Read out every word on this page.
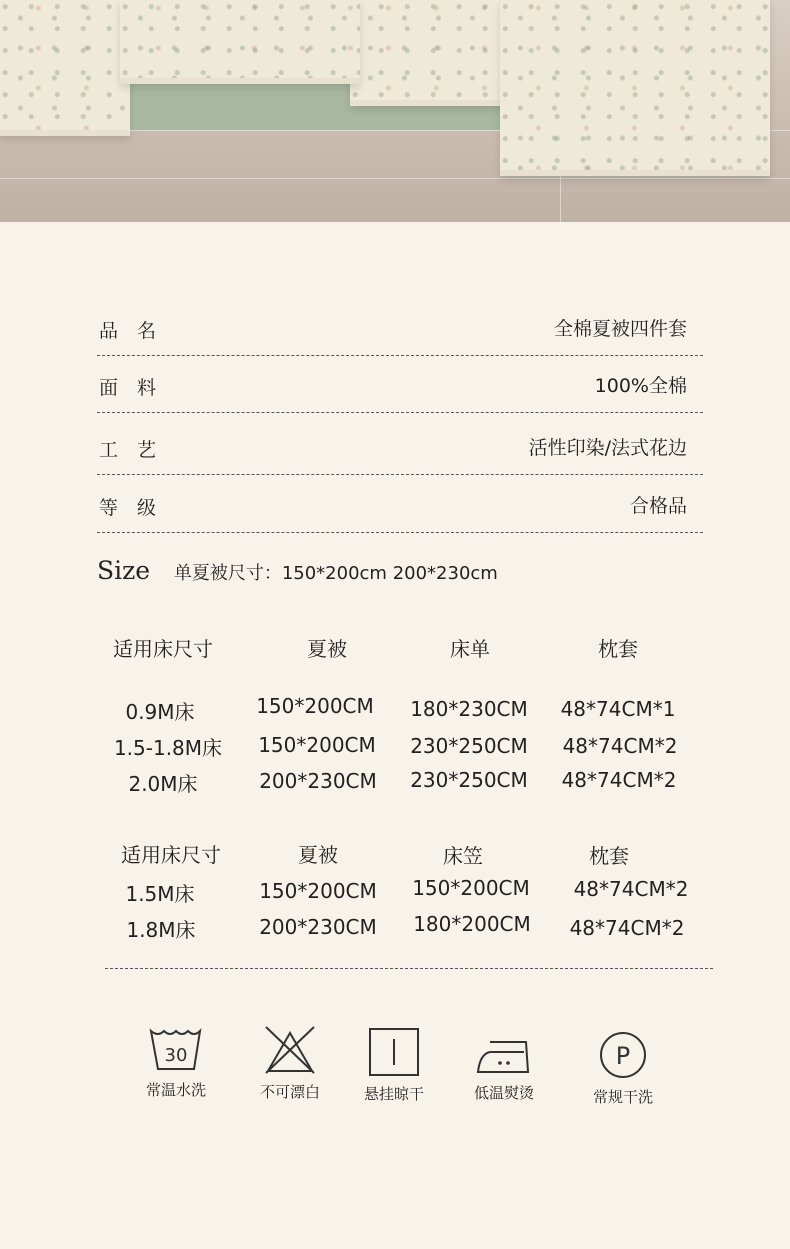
品　名	全棉夏被四件套
面　料	100%全棉
工　艺	活性印染/法式花边
等　级	合格品
Size 单夏被尺寸：150*200cm 200*230cm
适用床尺寸	夏被	床单	枕套
0.9M床	150*200CM 180*230CM 48*74CM*1
1.5-1.8M床 150*200CM 230*250CM 48*74CM*2
2.0M床	200*230CM 230*250CM 48*74CM*2
适用床尺寸	夏被	床笠	枕套
1.5M床	150*200CM 150*200CM 48*74CM*2
1.8M床	200*230CM 180*200CM 48*74CM*2
30
常温水洗	不可漂白	悬挂晾干	低温熨烫
P
常规干洗
